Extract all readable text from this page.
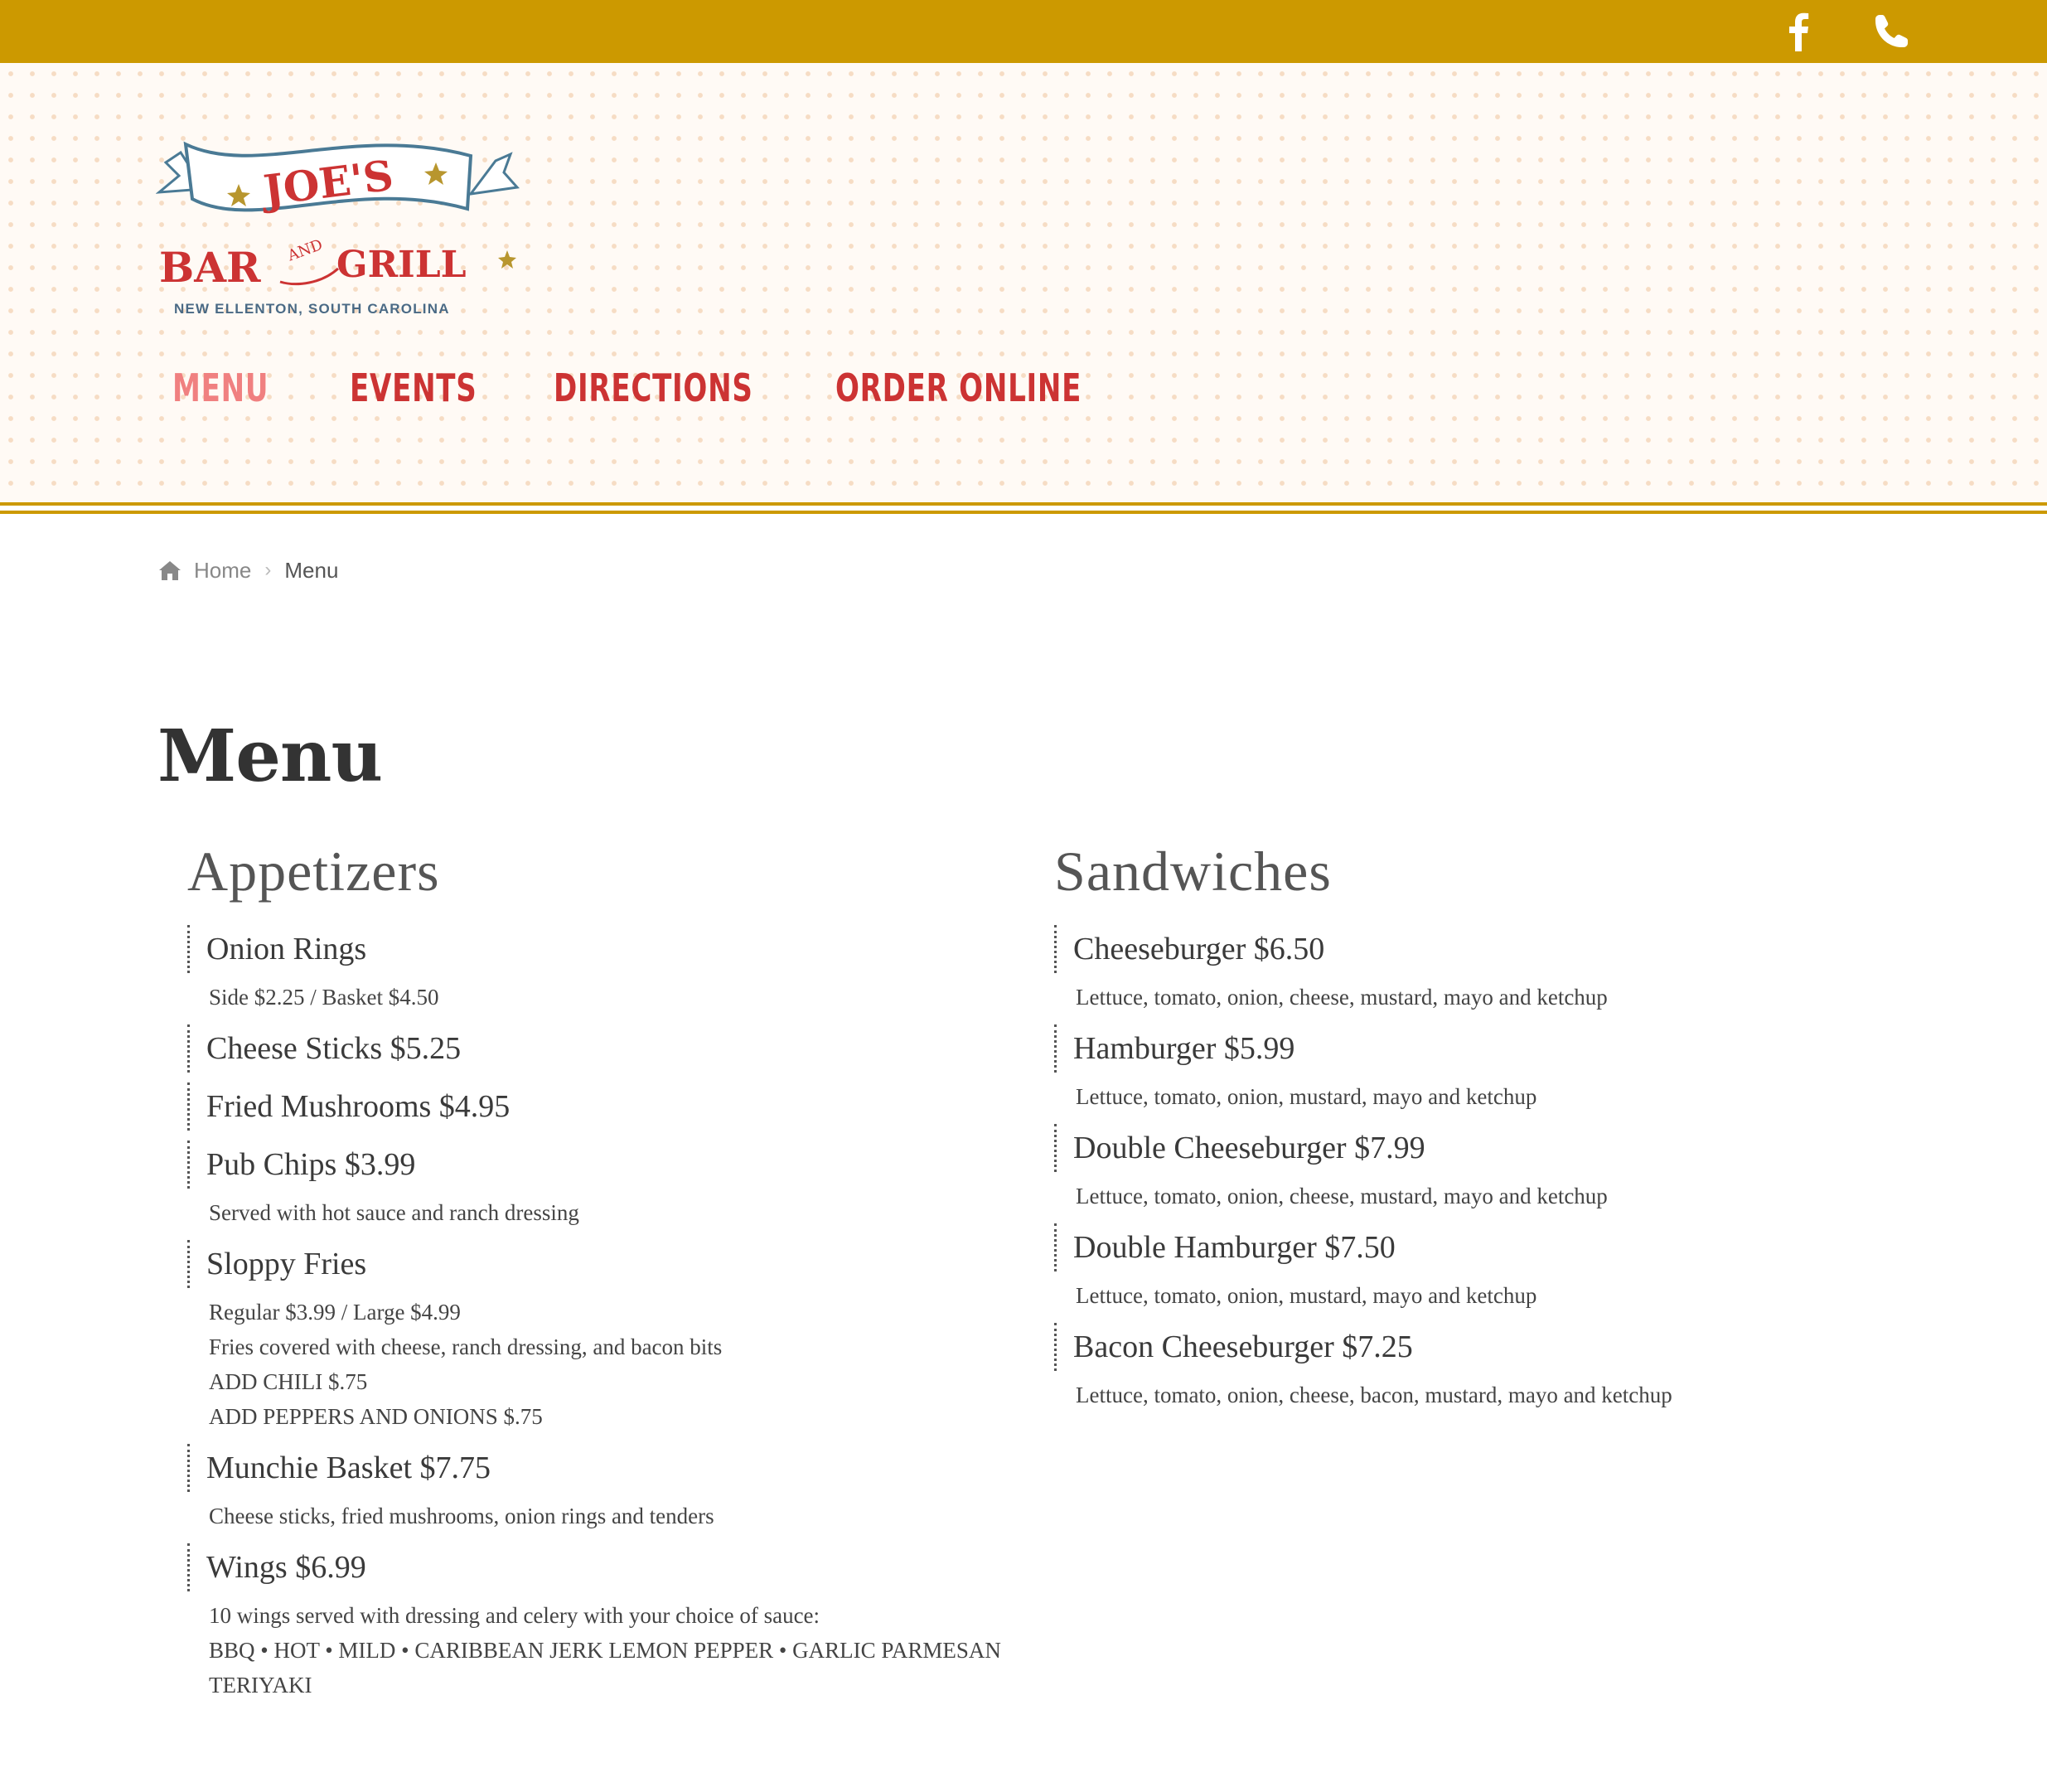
JOE'S
BAR AND GRILL
NEW ELLENTON, SOUTH CAROLINA
MENU EVENTS DIRECTIONS ORDER ONLINE
Home › Menu
Menu
Appetizers
Onion Rings
Side $2.25 / Basket $4.50
Cheese Sticks $5.25
Fried Mushrooms $4.95
Pub Chips $3.99
Served with hot sauce and ranch dressing
Sloppy Fries
Regular $3.99 / Large $4.99
Fries covered with cheese, ranch dressing, and bacon bits
ADD CHILI $.75
ADD PEPPERS AND ONIONS $.75
Munchie Basket $7.75
Cheese sticks, fried mushrooms, onion rings and tenders
Wings $6.99
10 wings served with dressing and celery with your choice of sauce:
BBQ • HOT • MILD • CARIBBEAN JERK LEMON PEPPER • GARLIC PARMESAN
TERIYAKI
Sandwiches
Cheeseburger $6.50
Lettuce, tomato, onion, cheese, mustard, mayo and ketchup
Hamburger $5.99
Lettuce, tomato, onion, mustard, mayo and ketchup
Double Cheeseburger $7.99
Lettuce, tomato, onion, cheese, mustard, mayo and ketchup
Double Hamburger $7.50
Lettuce, tomato, onion, mustard, mayo and ketchup
Bacon Cheeseburger $7.25
Lettuce, tomato, onion, cheese, bacon, mustard, mayo and ketchup
